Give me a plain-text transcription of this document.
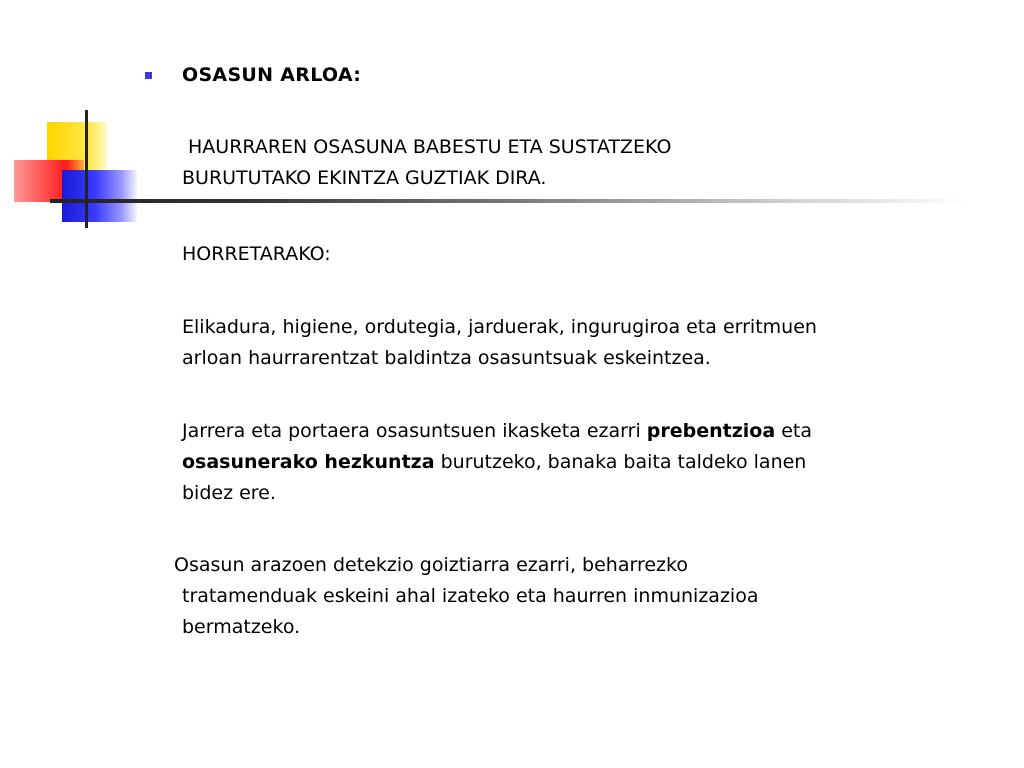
OSASUN ARLOA:

HAURRAREN OSASUNA BABESTU ETA SUSTATZEKO
BURUTUTAKO EKINTZA GUZTIAK DIRA.

HORRETARAKO:

Elikadura, higiene, ordutegia, jarduerak, ingurugiroa eta erritmuen
arloan haurrarentzat baldintza osasuntsuak eskeintzea.

Jarrera eta portaera osasuntsuen ikasketa ezarri prebentzioa eta
osasunerako hezkuntza burutzeko, banaka baita taldeko lanen
bidez ere.

Osasun arazoen detekzio goiztiarra ezarri, beharrezko
tratamenduak eskeini ahal izateko eta haurren inmunizazioa
bermatzeko.
